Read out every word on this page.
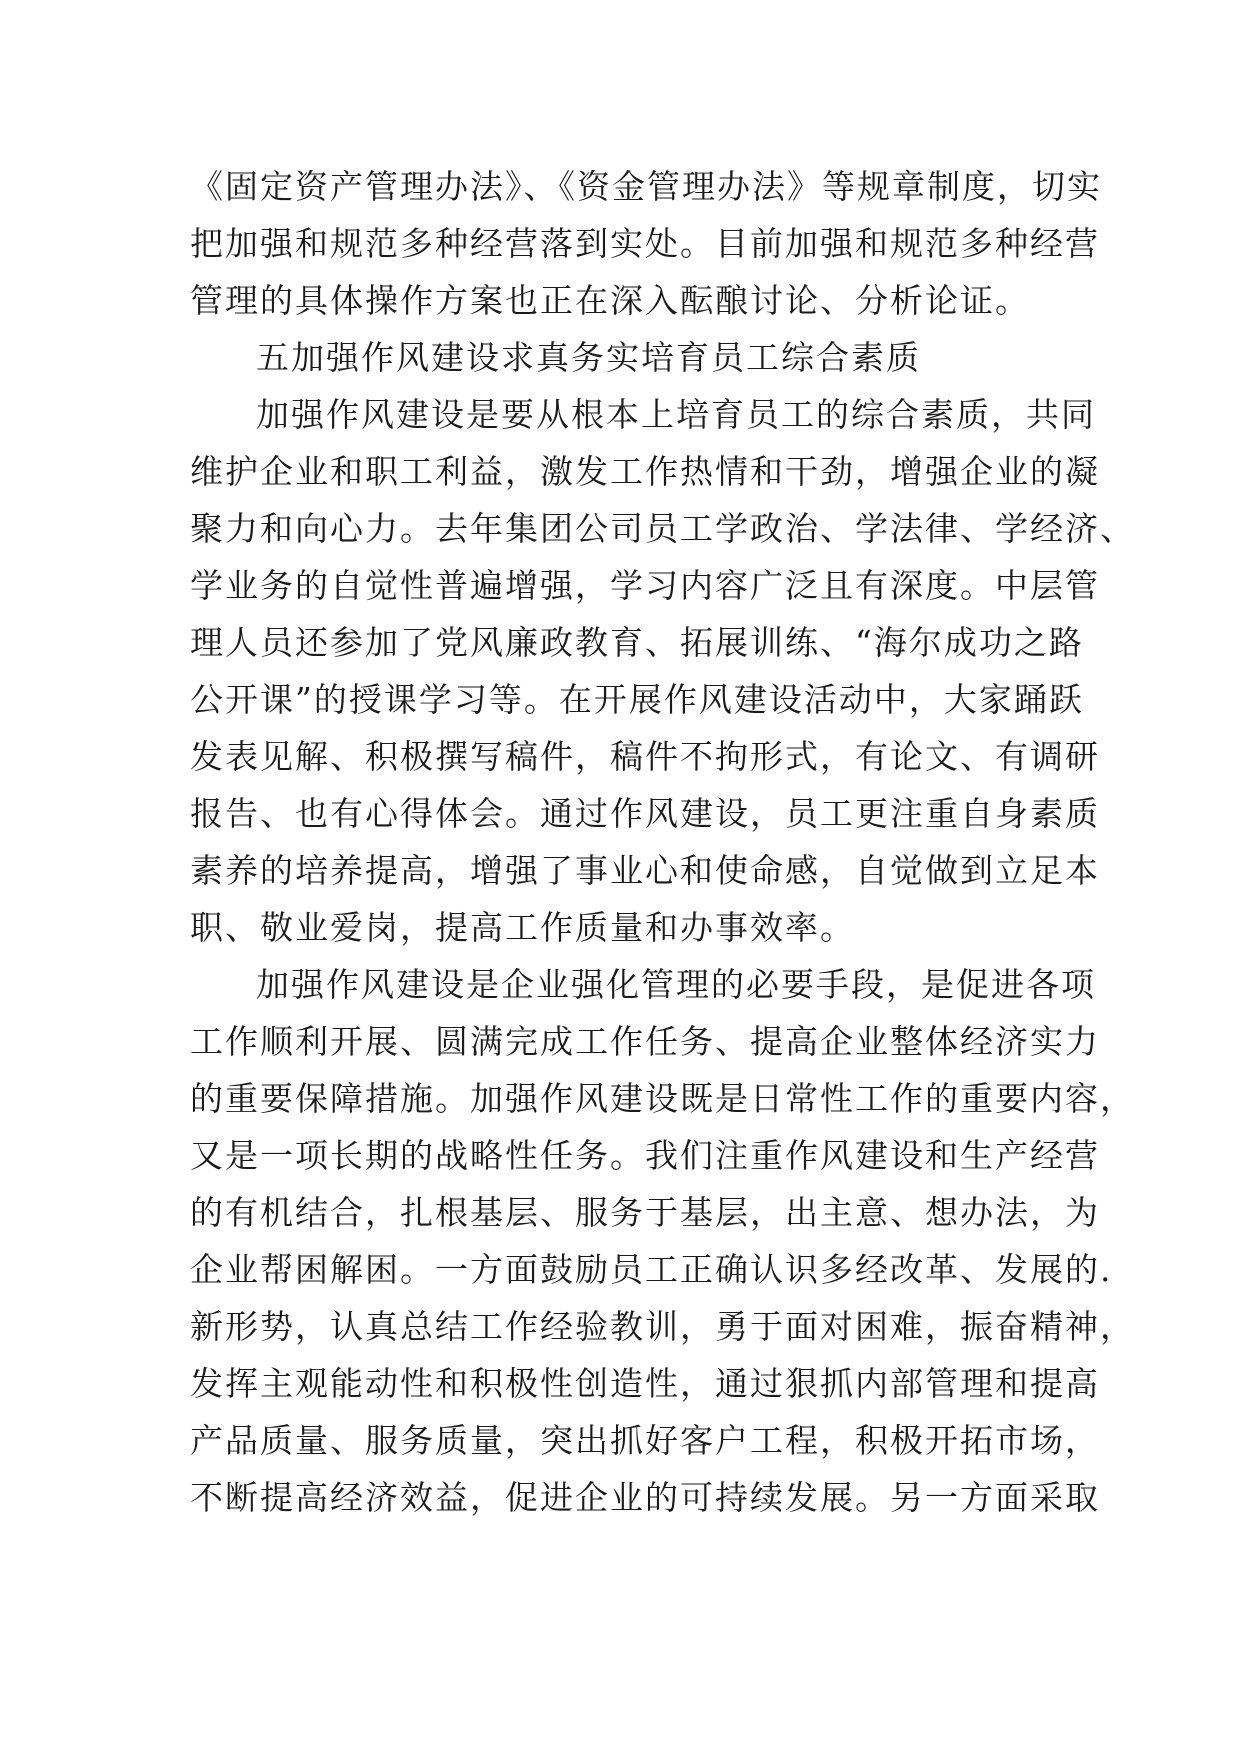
《固定资产管理办法》、《资金管理办法》等规章制度，切实
把加强和规范多种经营落到实处。目前加强和规范多种经营
管理的具体操作方案也正在深入酝酿讨论、分析论证。
五加强作风建设求真务实培育员工综合素质
加强作风建设是要从根本上培育员工的综合素质，共同
维护企业和职工利益，激发工作热情和干劲，增强企业的凝
聚力和向心力。去年集团公司员工学政治、学法律、学经济、
学业务的自觉性普遍增强，学习内容广泛且有深度。中层管
理人员还参加了党风廉政教育、拓展训练、“海尔成功之路
公开课”的授课学习等。在开展作风建设活动中，大家踊跃
发表见解、积极撰写稿件，稿件不拘形式，有论文、有调研
报告、也有心得体会。通过作风建设，员工更注重自身素质
素养的培养提高，增强了事业心和使命感，自觉做到立足本
职、敬业爱岗，提高工作质量和办事效率。
加强作风建设是企业强化管理的必要手段，是促进各项
工作顺利开展、圆满完成工作任务、提高企业整体经济实力
的重要保障措施。加强作风建设既是日常性工作的重要内容，
又是一项长期的战略性任务。我们注重作风建设和生产经营
的有机结合，扎根基层、服务于基层，出主意、想办法，为
企业帮困解困。一方面鼓励员工正确认识多经改革、发展的.
新形势，认真总结工作经验教训，勇于面对困难，振奋精神，
发挥主观能动性和积极性创造性，通过狠抓内部管理和提高
产品质量、服务质量，突出抓好客户工程，积极开拓市场，
不断提高经济效益，促进企业的可持续发展。另一方面采取
